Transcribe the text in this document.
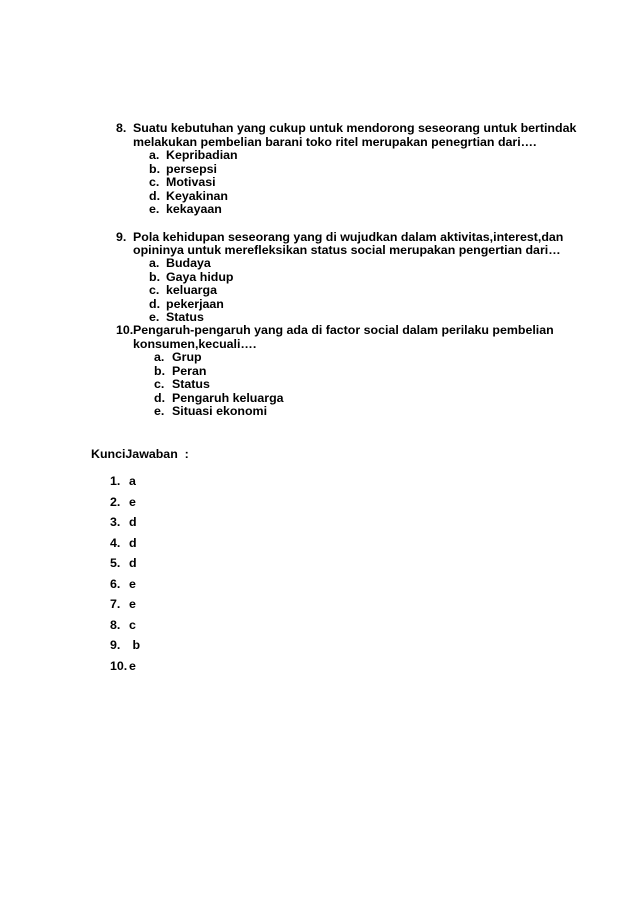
8. Suatu kebutuhan yang cukup untuk mendorong seseorang untuk bertindak
melakukan pembelian barani toko ritel merupakan penegrtian dari….
a. Kepribadian
b. persepsi
c. Motivasi
d. Keyakinan
e. kekayaan
9. Pola kehidupan seseorang yang di wujudkan dalam aktivitas,interest,dan
opininya untuk merefleksikan status social merupakan pengertian dari…
a. Budaya
b. Gaya hidup
c. keluarga
d. pekerjaan
e. Status
10. Pengaruh-pengaruh yang ada di factor social dalam perilaku pembelian
konsumen,kecuali….
a. Grup
b. Peran
c. Status
d. Pengaruh keluarga
e. Situasi ekonomi
KunciJawaban  :
1. a
2. e
3. d
4. d
5. d
6. e
7. e
8. c
9. b
10. e
